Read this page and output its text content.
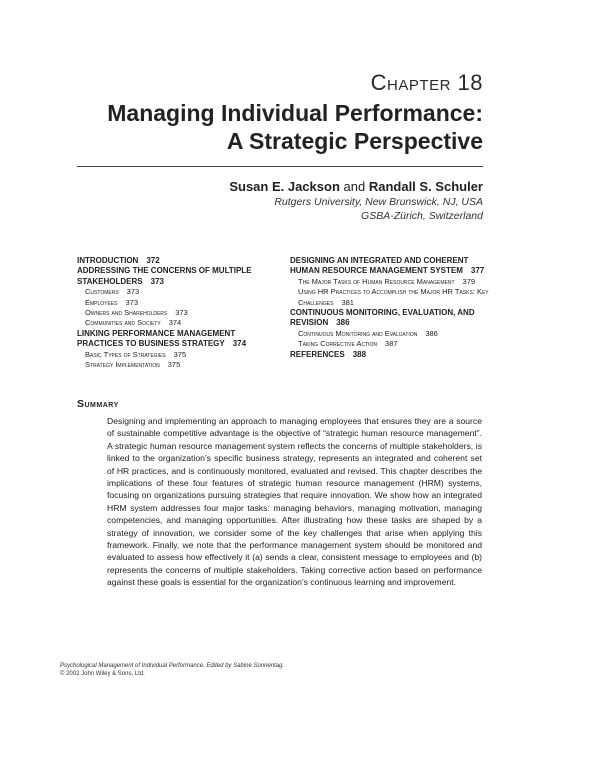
Chapter 18
Managing Individual Performance:
A Strategic Perspective
Susan E. Jackson and Randall S. Schuler
Rutgers University, New Brunswick, NJ, USA
GSBA-Zürich, Switzerland
INTRODUCTION 372
ADDRESSING THE CONCERNS OF MULTIPLE STAKEHOLDERS 373
Customers 373
Employees 373
Owners and Shareholders 373
Communities and Society 374
LINKING PERFORMANCE MANAGEMENT PRACTICES TO BUSINESS STRATEGY 374
Basic Types of Strategies 375
Strategy Implementation 375
DESIGNING AN INTEGRATED AND COHERENT HUMAN RESOURCE MANAGEMENT SYSTEM 377
The Major Tasks of Human Resource Management 379
Using HR Practices to Accomplish the Major HR Tasks: Key Challenges 381
CONTINUOUS MONITORING, EVALUATION, AND REVISION 386
Continuous Monitoring and Evaluation 386
Taking Corrective Action 387
REFERENCES 388
Summary
Designing and implementing an approach to managing employees that ensures they are a source of sustainable competitive advantage is the objective of “strategic human resource management”. A strategic human resource management system reflects the concerns of multiple stakeholders, is linked to the organization’s specific business strategy, represents an integrated and coherent set of HR practices, and is continuously monitored, evaluated and revised. This chapter describes the implications of these four features of strategic human resource management (HRM) systems, focusing on organizations pursuing strategies that require innovation. We show how an integrated HRM system addresses four major tasks: managing behaviors, managing motivation, managing competencies, and managing opportunities. After illustrating how these tasks are shaped by a strategy of innovation, we consider some of the key challenges that arise when applying this framework. Finally, we note that the performance management system should be monitored and evaluated to assess how effectively it (a) sends a clear, consistent message to employees and (b) represents the concerns of multiple stakeholders. Taking corrective action based on performance against these goals is essential for the organization’s continuous learning and improvement.
Psychological Management of Individual Performance. Edited by Sabine Sonnentag.
© 2002 John Wiley & Sons, Ltd.
